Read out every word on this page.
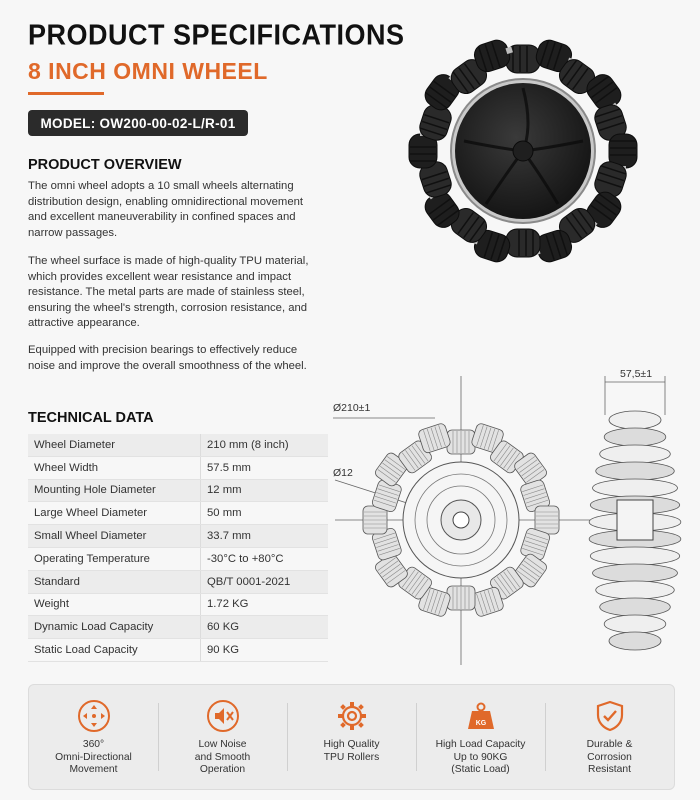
PRODUCT SPECIFICATIONS
8 INCH OMNI WHEEL
MODEL: OW200-00-02-L/R-01
PRODUCT OVERVIEW

The omni wheel adopts a 10 small wheels alternating distribution design, enabling omnidirectional movement and excellent maneuverability in confined spaces and narrow passages.

The wheel surface is made of high-quality TPU material, which provides excellent wear resistance and impact resistance. The metal parts are made of stainless steel, ensuring the wheel's strength, corrosion resistance, and attractive appearance.

Equipped with precision bearings to effectively reduce noise and improve the overall smoothness of the wheel.

TECHNICAL DATA
Wheel Diameter	210 mm (8 inch)
Wheel Width	57.5 mm
Mounting Hole Diameter	12 mm
Large Wheel Diameter	50 mm
Small Wheel Diameter	33.7 mm
Operating Temperature	-30°C to +80°C
Standard	QB/T 0001-2021
Weight	1.72 KG
Dynamic Load Capacity	60 KG
Static Load Capacity	90 KG
Ø210±1
Ø12
57,5±1
360°
Omni-Directional
Movement
Low Noise
and Smooth
Operation
High Quality
TPU Rollers
KG
High Load Capacity
Up to 90KG
(Static Load)
Durable &
Corrosion
Resistant
